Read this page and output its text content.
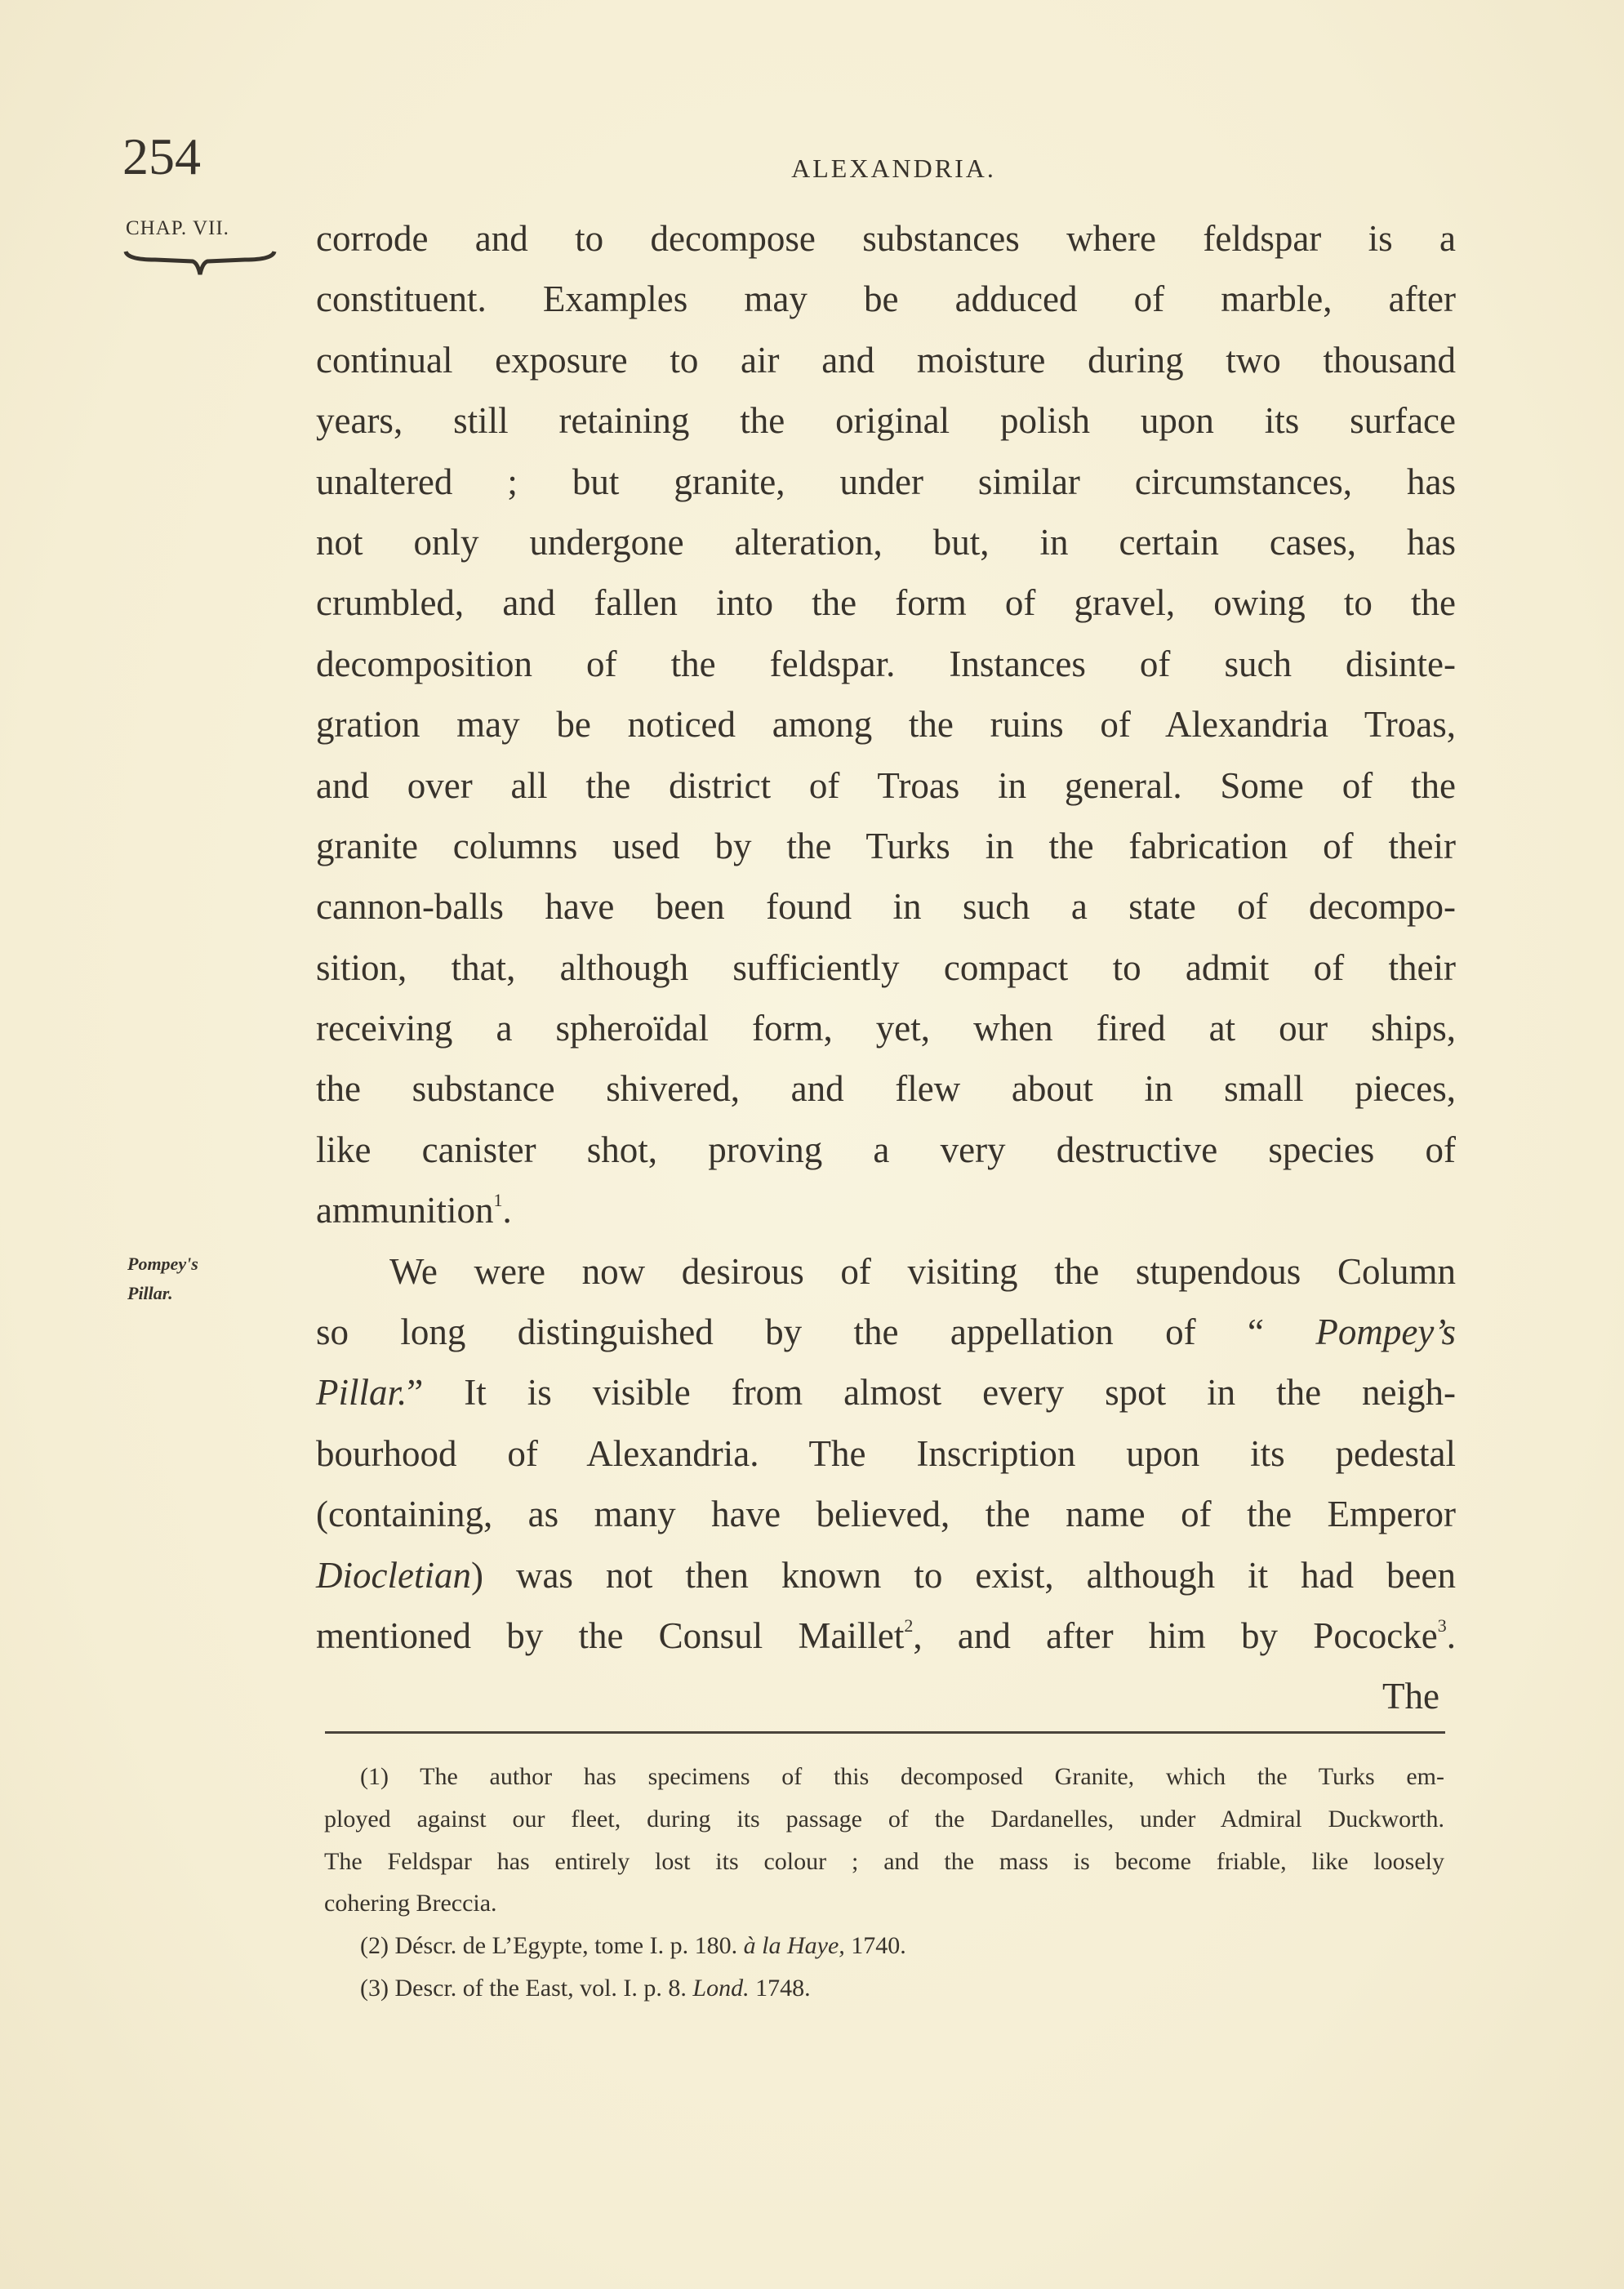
254	ALEXANDRIA.
CHAP. VII.
Pompey's
Pillar.
corrode and to decompose substances where feldspar is a
constituent. Examples may be adduced of marble, after
continual exposure to air and moisture during two thousand
years, still retaining the original polish upon its surface
unaltered ; but granite, under similar circumstances, has
not only undergone alteration, but, in certain cases, has
crumbled, and fallen into the form of gravel, owing to the
decomposition of the feldspar. Instances of such disinte-
gration may be noticed among the ruins of Alexandria Troas,
and over all the district of Troas in general. Some of the
granite columns used by the Turks in the fabrication of their
cannon-balls have been found in such a state of decompo-
sition, that, although sufficiently compact to admit of their
receiving a spheroïdal form, yet, when fired at our ships,
the substance shivered, and flew about in small pieces,
like canister shot, proving a very destructive species of
ammunition$^1$.
We were now desirous of visiting the stupendous Column
so long distinguished by the appellation of “ Pompey’s
Pillar.” It is visible from almost every spot in the neigh-
bourhood of Alexandria. The Inscription upon its pedestal
(containing, as many have believed, the name of the Emperor
Diocletian) was not then known to exist, although it had been
mentioned by the Consul Maillet$^2$, and after him by Pococke$^3$.
The
(1) The author has specimens of this decomposed Granite, which the Turks em-
ployed against our fleet, during its passage of the Dardanelles, under Admiral Duckworth.
The Feldspar has entirely lost its colour ; and the mass is become friable, like loosely
cohering Breccia.
(2) Déscr. de L’Egypte, tome I. p. 180. à la Haye, 1740.
(3) Descr. of the East, vol. I. p. 8. Lond. 1748.
